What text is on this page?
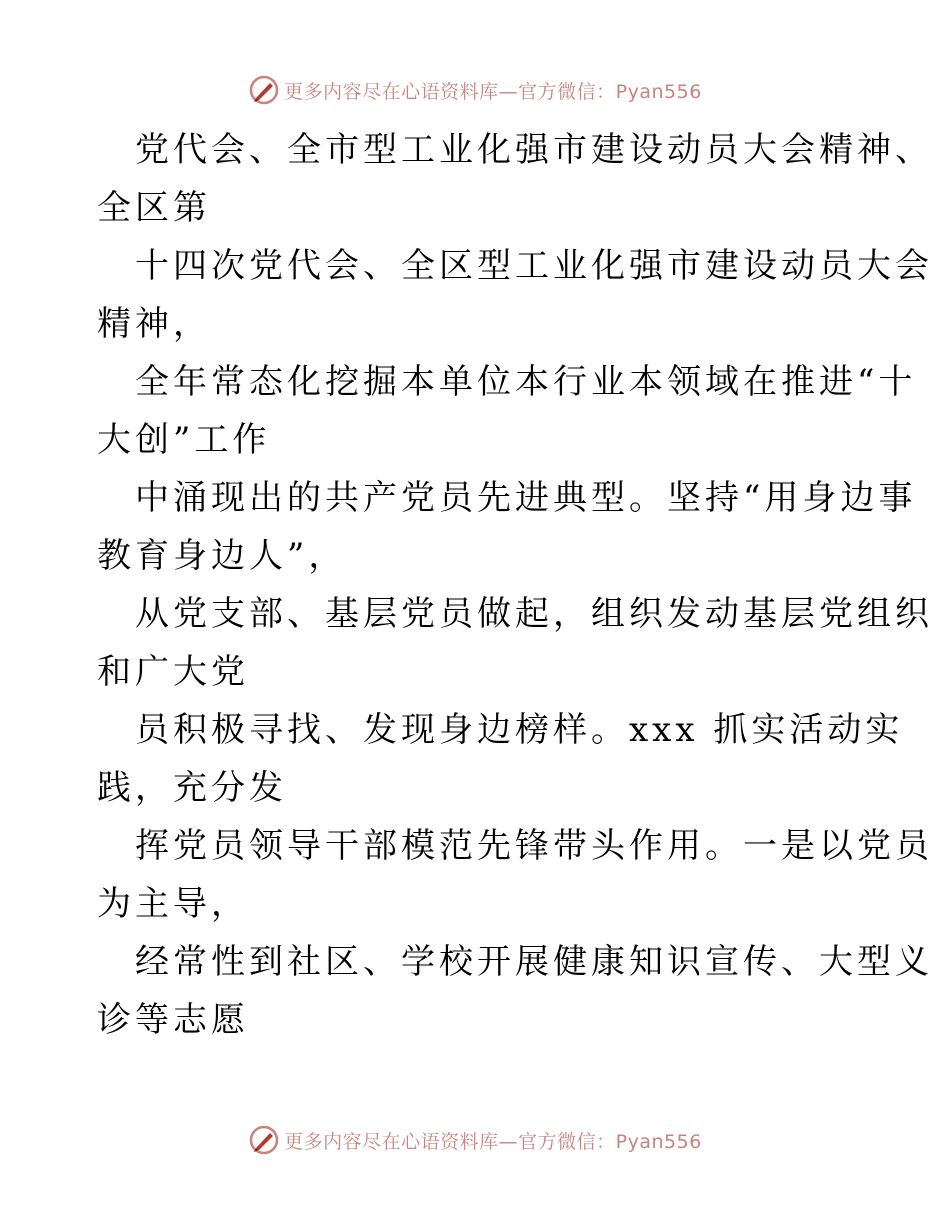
更多内容尽在心语资料库—官方微信：Pyan556
党代会、全市型工业化强市建设动员大会精神、
全区第
十四次党代会、全区型工业化强市建设动员大会
精神，
全年常态化挖掘本单位本行业本领域在推进“十
大创”工作
中涌现出的共产党员先进典型。坚持“用身边事
教育身边人”，
从党支部、基层党员做起，组织发动基层党组织
和广大党
员积极寻找、发现身边榜样。xxx 抓实活动实
践，充分发
挥党员领导干部模范先锋带头作用。一是以党员
为主导，
经常性到社区、学校开展健康知识宣传、大型义
诊等志愿
更多内容尽在心语资料库—官方微信：Pyan556
